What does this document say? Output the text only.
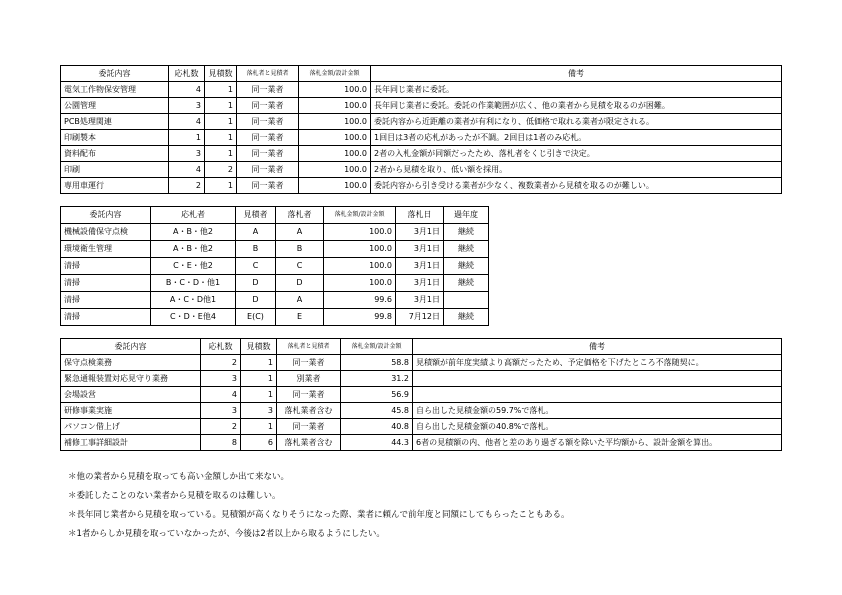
委託内容	応札数	見積数	落札者と見積者	落札金額/設計金額	備考
電気工作物保安管理	4	1	同一業者	100.0	長年同じ業者に委託。
公園管理	3	1	同一業者	100.0	長年同じ業者に委託。委託の作業範囲が広く、他の業者から見積を取るのが困難。
PCB処理関連	4	1	同一業者	100.0	委託内容から近距離の業者が有利になり、低価格で取れる業者が限定される。
印刷製本	1	1	同一業者	100.0	1回目は3者の応札があったが不調。2回目は1者のみ応札。
資料配布	3	1	同一業者	100.0	2者の入札金額が同額だったため、落札者をくじ引きで決定。
印刷	4	2	同一業者	100.0	2者から見積を取り、低い額を採用。
専用車運行	2	1	同一業者	100.0	委託内容から引き受ける業者が少なく、複数業者から見積を取るのが難しい。
委託内容	応札者	見積者	落札者	落札金額/設計金額	落札日	過年度
機械設備保守点検	A・B・他2	A	A	100.0	3月1日	継続
環境衛生管理	A・B・他2	B	B	100.0	3月1日	継続
清掃	C・E・他2	C	C	100.0	3月1日	継続
清掃	B・C・D・他1	D	D	100.0	3月1日	継続
清掃	A・C・D他1	D	A	99.6	3月1日	
清掃	C・D・E他4	E(C)	E	99.8	7月12日	継続
委託内容	応札数	見積数	落札者と見積者	落札金額/設計金額	備考
保守点検業務	2	1	同一業者	58.8	見積額が前年度実績より高額だったため、予定価格を下げたところ不落随契に。
緊急通報装置対応見守り業務	3	1	別業者	31.2	
会場設営	4	1	同一業者	56.9	
研修事業実施	3	3	落札業者含む	45.8	自ら出した見積金額の59.7%で落札。
パソコン借上げ	2	1	同一業者	40.8	自ら出した見積金額の40.8%で落札。
補修工事詳細設計	8	6	落札業者含む	44.3	6者の見積額の内、他者と差のあり過ぎる額を除いた平均額から、設計金額を算出。
＊他の業者から見積を取っても高い金額しか出て来ない。
＊委託したことのない業者から見積を取るのは難しい。
＊長年同じ業者から見積を取っている。見積額が高くなりそうになった際、業者に頼んで前年度と同額にしてもらったこともある。
＊1者からしか見積を取っていなかったが、今後は2者以上から取るようにしたい。
